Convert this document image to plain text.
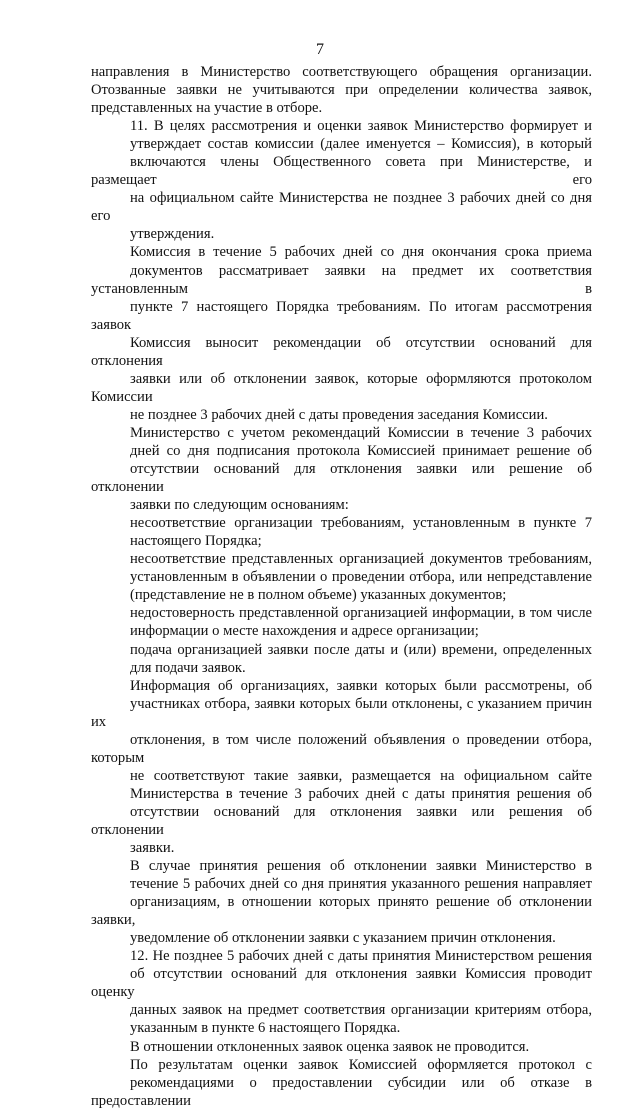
7

направления в Министерство соответствующего обращения организации.
Отозванные заявки не учитываются при определении количества заявок,
представленных на участие в отборе.

11. В целях рассмотрения и оценки заявок Министерство формирует и
утверждает состав комиссии (далее именуется – Комиссия), в который
включаются члены Общественного совета при Министерстве, и размещает его
на официальном сайте Министерства не позднее 3 рабочих дней со дня его
утверждения.

Комиссия в течение 5 рабочих дней со дня окончания срока приема
документов рассматривает заявки на предмет их соответствия установленным в
пункте 7 настоящего Порядка требованиям. По итогам рассмотрения заявок
Комиссия выносит рекомендации об отсутствии оснований для отклонения
заявки или об отклонении заявок, которые оформляются протоколом Комиссии
не позднее 3 рабочих дней с даты проведения заседания Комиссии.

Министерство с учетом рекомендаций Комиссии в течение 3 рабочих
дней со дня подписания протокола Комиссией принимает решение об
отсутствии оснований для отклонения заявки или решение об отклонении
заявки по следующим основаниям:

несоответствие организации требованиям, установленным в пункте 7
настоящего Порядка;

несоответствие представленных организацией документов требованиям,
установленным в объявлении о проведении отбора, или непредставление
(представление не в полном объеме) указанных документов;

недостоверность представленной организацией информации, в том числе
информации о месте нахождения и адресе организации;

подача организацией заявки после даты и (или) времени, определенных
для подачи заявок.

Информация об организациях, заявки которых были рассмотрены, об
участниках отбора, заявки которых были отклонены, с указанием причин их
отклонения, в том числе положений объявления о проведении отбора, которым
не соответствуют такие заявки, размещается на официальном сайте
Министерства в течение 3 рабочих дней с даты принятия решения об
отсутствии оснований для отклонения заявки или решения об отклонении
заявки.

В случае принятия решения об отклонении заявки Министерство в
течение 5 рабочих дней со дня принятия указанного решения направляет
организациям, в отношении которых принято решение об отклонении заявки,
уведомление об отклонении заявки с указанием причин отклонения.

12. Не позднее 5 рабочих дней с даты принятия Министерством решения
об отсутствии оснований для отклонения заявки Комиссия проводит оценку
данных заявок на предмет соответствия организации критериям отбора,
указанным в пункте 6 настоящего Порядка.

В отношении отклоненных заявок оценка заявок не проводится.

По результатам оценки заявок Комиссией оформляется протокол с
рекомендациями о предоставлении субсидии или об отказе в предоставлении
